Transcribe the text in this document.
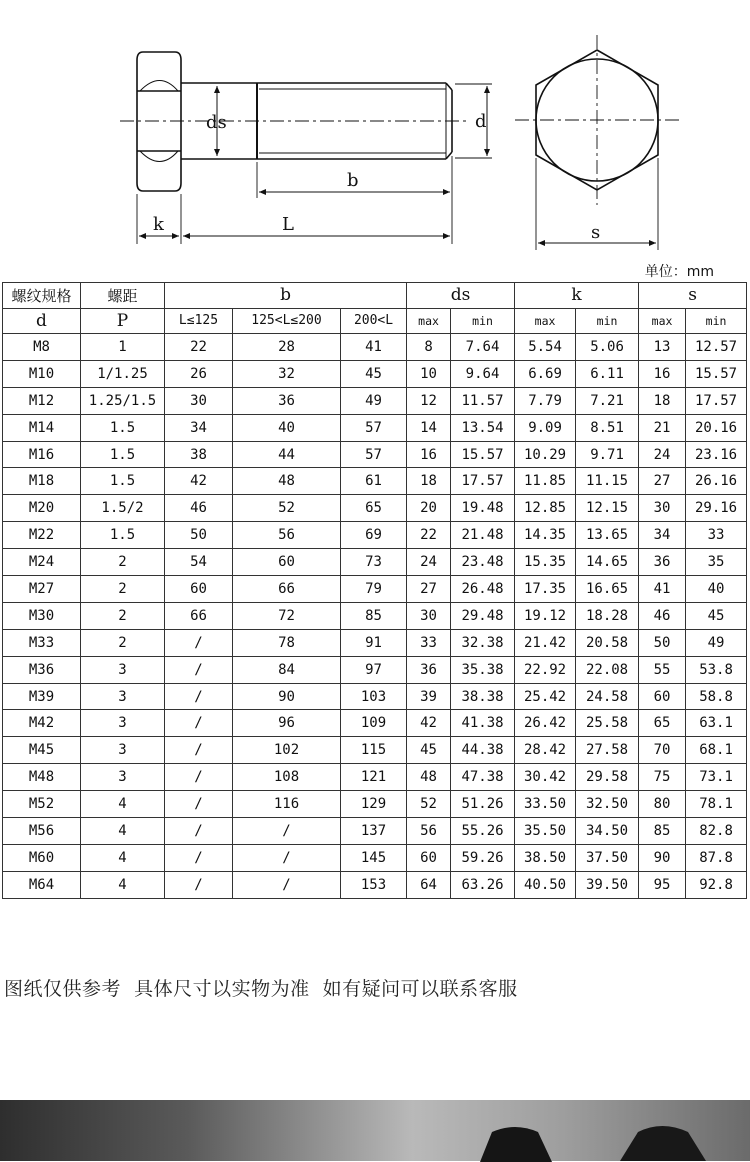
ds	d
b
k	L	s
单位：mm
螺纹规格	螺距	b			ds		k		s	
d	P	L≤125	125<L≤200	200<L	max	min	max	min	max	min
M8	1	22	28	41	8	7.64	5.54	5.06	13	12.57
M10	1/1.25	26	32	45	10	9.64	6.69	6.11	16	15.57
M12	1.25/1.5	30	36	49	12	11.57	7.79	7.21	18	17.57
M14	1.5	34	40	57	14	13.54	9.09	8.51	21	20.16
M16	1.5	38	44	57	16	15.57	10.29	9.71	24	23.16
M18	1.5	42	48	61	18	17.57	11.85	11.15	27	26.16
M20	1.5/2	46	52	65	20	19.48	12.85	12.15	30	29.16
M22	1.5	50	56	69	22	21.48	14.35	13.65	34	33
M24	2	54	60	73	24	23.48	15.35	14.65	36	35
M27	2	60	66	79	27	26.48	17.35	16.65	41	40
M30	2	66	72	85	30	29.48	19.12	18.28	46	45
M33	2	/	78	91	33	32.38	21.42	20.58	50	49
M36	3	/	84	97	36	35.38	22.92	22.08	55	53.8
M39	3	/	90	103	39	38.38	25.42	24.58	60	58.8
M42	3	/	96	109	42	41.38	26.42	25.58	65	63.1
M45	3	/	102	115	45	44.38	28.42	27.58	70	68.1
M48	3	/	108	121	48	47.38	30.42	29.58	75	73.1
M52	4	/	116	129	52	51.26	33.50	32.50	80	78.1
M56	4	/	/	137	56	55.26	35.50	34.50	85	82.8
M60	4	/	/	145	60	59.26	38.50	37.50	90	87.8
M64	4	/	/	153	64	63.26	40.50	39.50	95	92.8
图纸仅供参考  具体尺寸以实物为准  如有疑问可以联系客服
